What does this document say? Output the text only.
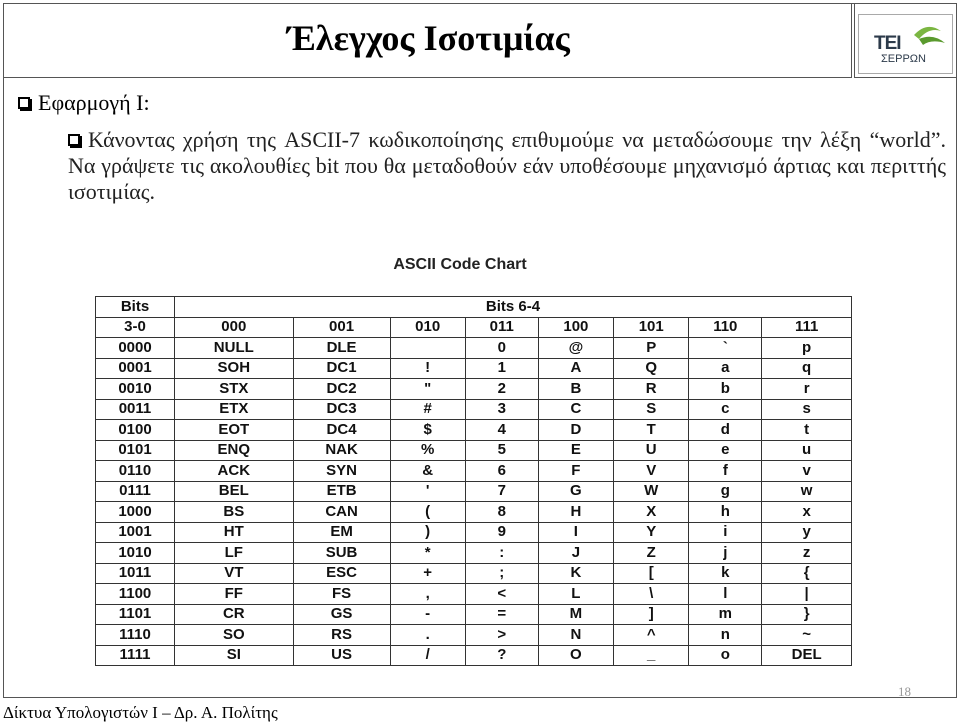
Έλεγχος Ισοτιμίας	ΤΕΙ
ΣΕΡΡΩΝ
Εφαρμογή Ι:
Κάνοντας χρήση της ASCII-7 κωδικοποίησης επιθυμούμε να μεταδώσουμε την λέξη “world”. Να γράψετε τις ακολουθίες bit που θα μεταδοθούν εάν υποθέσουμε μηχανισμό άρτιας και περιττής ισοτιμίας.
ASCII Code Chart
Bits	Bits 6-4							
3-0	000	001	010	011	100	101	110	111
0000	NULL	DLE		0	@	P	`	p
0001	SOH	DC1	!	1	A	Q	a	q
0010	STX	DC2	"	2	B	R	b	r
0011	ETX	DC3	#	3	C	S	c	s
0100	EOT	DC4	$	4	D	T	d	t
0101	ENQ	NAK	%	5	E	U	e	u
0110	ACK	SYN	&	6	F	V	f	v
0111	BEL	ETB	'	7	G	W	g	w
1000	BS	CAN	(	8	H	X	h	x
1001	HT	EM	)	9	I	Y	i	y
1010	LF	SUB	*	:	J	Z	j	z
1011	VT	ESC	+	;	K	[	k	{
1100	FF	FS	,	<	L	\	l	|
1101	CR	GS	-	=	M	]	m	}
1110	SO	RS	.	>	N	^	n	~
1111	SI	US	/	?	O	_	o	DEL
Δίκτυα Υπολογιστών Ι – Δρ. Α. Πολίτης
18
